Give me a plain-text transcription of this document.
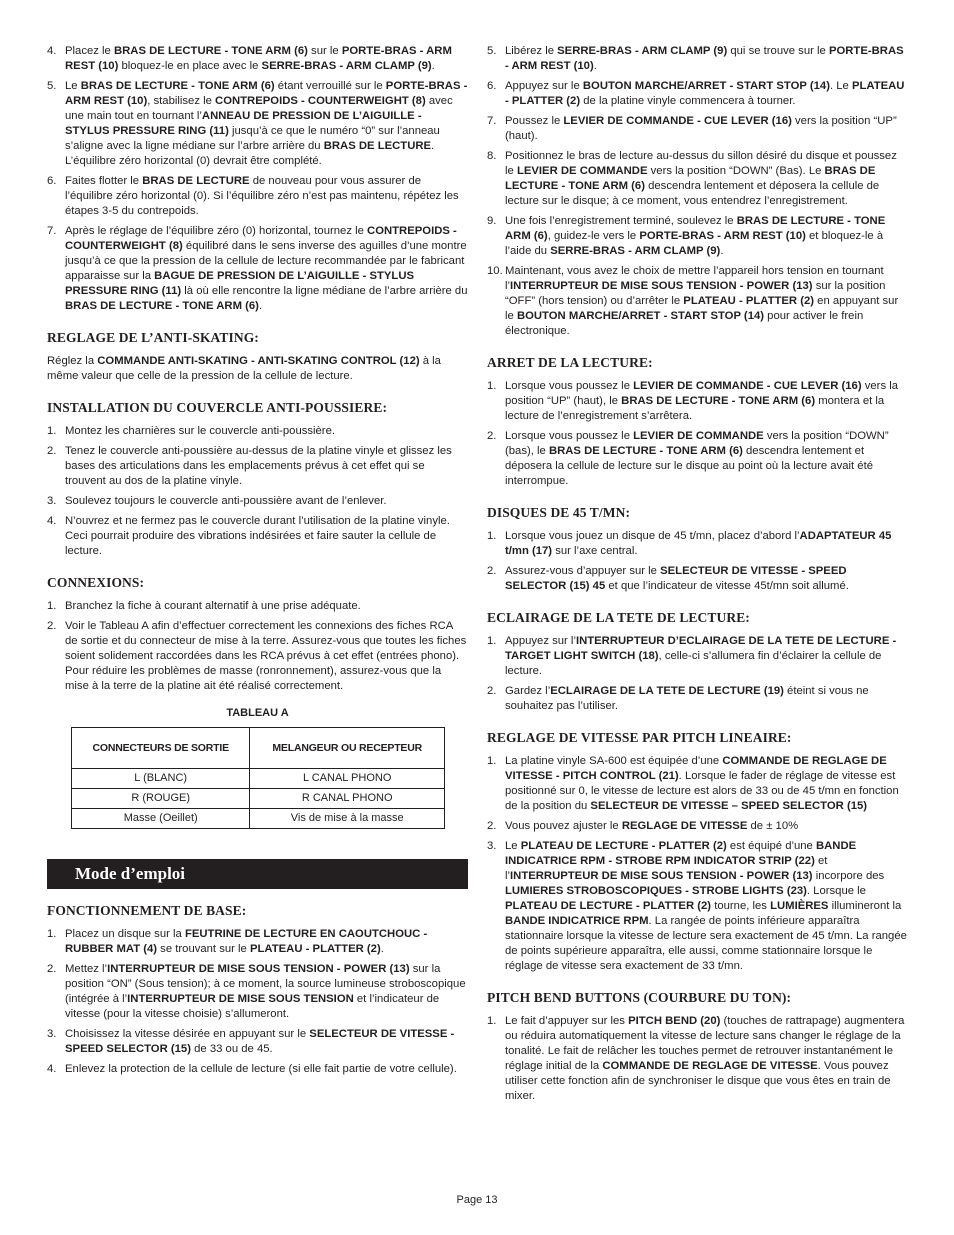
4. Placez le BRAS DE LECTURE - TONE ARM (6) sur le PORTE-BRAS - ARM REST (10) bloquez-le en place avec le SERRE-BRAS - ARM CLAMP (9).
5. Le BRAS DE LECTURE - TONE ARM (6) étant verrouillé sur le PORTE-BRAS - ARM REST (10), stabilisez le CONTREPOIDS - COUNTERWEIGHT (8) avec une main tout en tournant l’ANNEAU DE PRESSION DE L’AIGUILLE - STYLUS PRESSURE RING (11) jusqu’à ce que le numéro “0” sur l’anneau s’aligne avec la ligne médiane sur l’arbre arrière du BRAS DE LECTURE. L’équilibre zéro horizontal (0) devrait être complété.
6. Faites flotter le BRAS DE LECTURE de nouveau pour vous assurer de l’équilibre zéro horizontal (0). Si l’équilibre zéro n’est pas maintenu, répétez les étapes 3-5 du contrepoids.
7. Après le réglage de l’équilibre zéro (0) horizontal, tournez le CONTREPOIDS - COUNTERWEIGHT (8) équilibré dans le sens inverse des aguilles d’une montre jusqu’à ce que la pression de la cellule de lecture recommandée par le fabricant apparaisse sur la BAGUE DE PRESSION DE L’AIGUILLE - STYLUS PRESSURE RING (11) là où elle rencontre la ligne médiane de l’arbre arrière du BRAS DE LECTURE - TONE ARM (6).
REGLAGE DE L’ANTI-SKATING:
Réglez la COMMANDE ANTI-SKATING - ANTI-SKATING CONTROL (12) à la même valeur que celle de la pression de la cellule de lecture.
INSTALLATION DU COUVERCLE ANTI-POUSSIERE:
1. Montez les charnières sur le couvercle anti-poussière.
2. Tenez le couvercle anti-poussière au-dessus de la platine vinyle et glissez les bases des articulations dans les emplacements prévus à cet effet qui se trouvent au dos de la platine vinyle.
3. Soulevez toujours le couvercle anti-poussière avant de l’enlever.
4. N’ouvrez et ne fermez pas le couvercle durant l’utilisation de la platine vinyle. Ceci pourrait produire des vibrations indésirées et faire sauter la cellule de lecture.
CONNEXIONS:
1. Branchez la fiche à courant alternatif à une prise adéquate.
2. Voir le Tableau A afin d’effectuer correctement les connexions des fiches RCA de sortie et du connecteur de mise à la terre. Assurez-vous que toutes les fiches soient solidement raccordées dans les RCA prévus à cet effet (entrées phono). Pour réduire les problèmes de masse (ronronnement), assurez-vous que la mise à la terre de la platine ait été réalisé correctement.
TABLEAU A
CONNECTEURS DE SORTIE	MELANGEUR OU RECEPTEUR
L (BLANC)	L CANAL PHONO
R (ROUGE)	R CANAL PHONO
Masse (Oeillet)	Vis de mise à la masse
Mode d’emploi
FONCTIONNEMENT DE BASE:
1. Placez un disque sur la FEUTRINE DE LECTURE EN CAOUTCHOUC - RUBBER MAT (4) se trouvant sur le PLATEAU - PLATTER (2).
2. Mettez l’INTERRUPTEUR DE MISE SOUS TENSION - POWER (13) sur la position “ON” (Sous tension); à ce moment, la source lumineuse stroboscopique (intégrée à l’INTERRUPTEUR DE MISE SOUS TENSION et l’indicateur de vitesse (pour la vitesse choisie) s’allumeront.
3. Choisissez la vitesse désirée en appuyant sur le SELECTEUR DE VITESSE - SPEED SELECTOR (15) de 33 ou de 45.
4. Enlevez la protection de la cellule de lecture (si elle fait partie de votre cellule).
5. Libérez le SERRE-BRAS - ARM CLAMP (9) qui se trouve sur le PORTE-BRAS - ARM REST (10).
6. Appuyez sur le BOUTON MARCHE/ARRET - START STOP (14). Le PLATEAU - PLATTER (2) de la platine vinyle commencera à tourner.
7. Poussez le LEVIER DE COMMANDE - CUE LEVER (16) vers la position “UP” (haut).
8. Positionnez le bras de lecture au-dessus du sillon désiré du disque et poussez le LEVIER DE COMMANDE vers la position “DOWN” (Bas). Le BRAS DE LECTURE - TONE ARM (6) descendra lentement et déposera la cellule de lecture sur le disque; à ce moment, vous entendrez l’enregistrement.
9. Une fois l’enregistrement terminé, soulevez le BRAS DE LECTURE - TONE ARM (6), guidez-le vers le PORTE-BRAS - ARM REST (10) et bloquez-le à l’aide du SERRE-BRAS - ARM CLAMP (9).
10. Maintenant, vous avez le choix de mettre l’appareil hors tension en tournant l’INTERRUPTEUR DE MISE SOUS TENSION - POWER (13) sur la position “OFF” (hors tension) ou d’arrêter le PLATEAU - PLATTER (2) en appuyant sur le BOUTON MARCHE/ARRET - START STOP (14) pour activer le frein électronique.
ARRET DE LA LECTURE:
1. Lorsque vous poussez le LEVIER DE COMMANDE - CUE LEVER (16) vers la position “UP” (haut), le BRAS DE LECTURE - TONE ARM (6) montera et la lecture de l’enregistrement s’arrêtera.
2. Lorsque vous poussez le LEVIER DE COMMANDE vers la position “DOWN” (bas), le BRAS DE LECTURE - TONE ARM (6) descendra lentement et déposera la cellule de lecture sur le disque au point où la lecture avait été interrompue.
DISQUES DE 45 T/MN:
1. Lorsque vous jouez un disque de 45 t/mn, placez d’abord l’ADAPTATEUR 45 t/mn (17) sur l’axe central.
2. Assurez-vous d’appuyer sur le SELECTEUR DE VITESSE - SPEED SELECTOR (15) 45 et que l’indicateur de vitesse 45t/mn soit allumé.
ECLAIRAGE DE LA TETE DE LECTURE:
1. Appuyez sur l’INTERRUPTEUR D’ECLAIRAGE DE LA TETE DE LECTURE - TARGET LIGHT SWITCH (18), celle-ci s’allumera fin d’éclairer la cellule de lecture.
2. Gardez l’ECLAIRAGE DE LA TETE DE LECTURE (19) éteint si vous ne souhaitez pas l’utiliser.
REGLAGE DE VITESSE PAR PITCH LINEAIRE:
1. La platine vinyle SA-600 est équipée d’une COMMANDE DE REGLAGE DE VITESSE - PITCH CONTROL (21). Lorsque le fader de réglage de vitesse est positionné sur 0, le vitesse de lecture est alors de 33 ou de 45 t/mn en fonction de la position du SELECTEUR DE VITESSE – SPEED SELECTOR (15)
2. Vous pouvez ajuster le REGLAGE DE VITESSE de ± 10%
3. Le PLATEAU DE LECTURE - PLATTER (2) est équipé d’une BANDE INDICATRICE RPM - STROBE RPM INDICATOR STRIP (22) et l’INTERRUPTEUR DE MISE SOUS TENSION - POWER (13) incorpore des LUMIERES STROBOSCOPIQUES - STROBE LIGHTS (23). Lorsque le PLATEAU DE LECTURE - PLATTER (2) tourne, les LUMIÈRES illumineront la BANDE INDICATRICE RPM. La rangée de points inférieure apparaîtra stationnaire lorsque la vitesse de lecture sera exactement de 45 t/mn. La rangée de points supérieure apparaîtra, elle aussi, comme stationnaire lorsque le réglage de vitesse sera exactement de 33 t/mn.
PITCH BEND BUTTONS (COURBURE DU TON):
1. Le fait d’appuyer sur les PITCH BEND (20) (touches de rattrapage) augmentera ou réduira automatiquement la vitesse de lecture sans changer le réglage de la tonalité. Le fait de relâcher les touches permet de retrouver instantanément le réglage initial de la COMMANDE DE REGLAGE DE VITESSE. Vous pouvez utiliser cette fonction afin de synchroniser le disque que vous êtes en train de mixer.
Page 13
